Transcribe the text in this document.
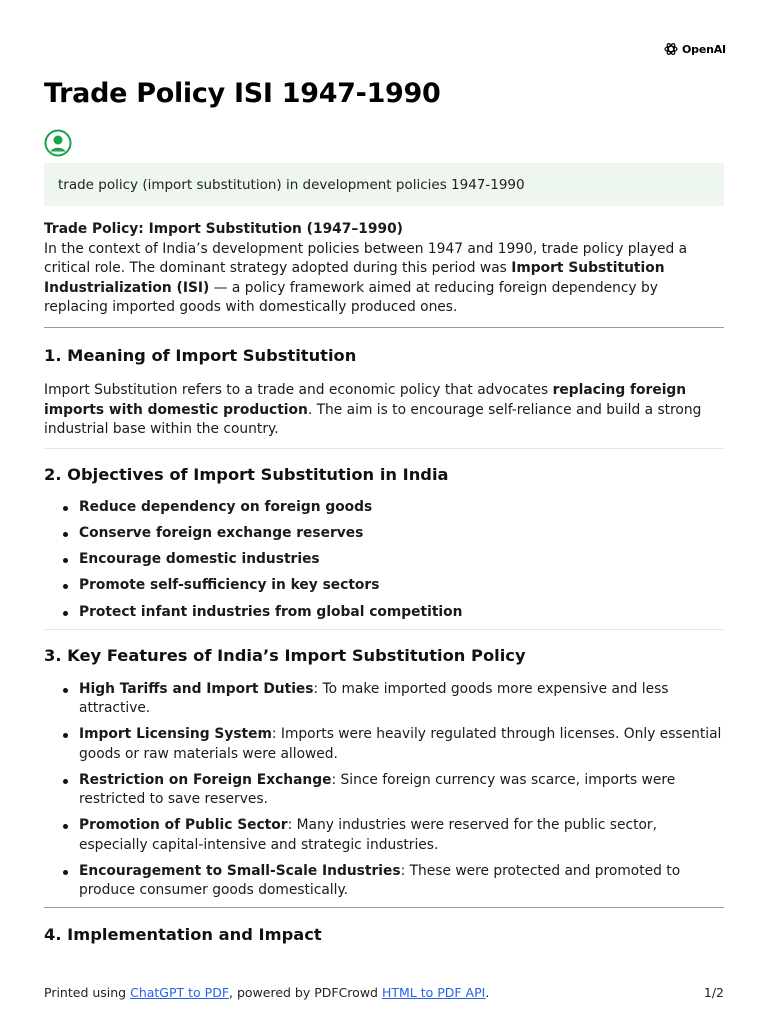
OpenAI
Trade Policy ISI 1947-1990
trade policy (import substitution) in development policies 1947-1990

Trade Policy: Import Substitution (1947–1990)

In the context of India’s development policies between 1947 and 1990, trade policy played a critical role. The dominant strategy adopted during this period was Import Substitution Industrialization (ISI) — a policy framework aimed at reducing foreign dependency by replacing imported goods with domestically produced ones.

1. Meaning of Import Substitution

Import Substitution refers to a trade and economic policy that advocates replacing foreign imports with domestic production. The aim is to encourage self-reliance and build a strong industrial base within the country.

2. Objectives of Import Substitution in India
Reduce dependency on foreign goods
Conserve foreign exchange reserves
Encourage domestic industries
Promote self-sufficiency in key sectors
Protect infant industries from global competition
3. Key Features of India’s Import Substitution Policy
High Tariffs and Import Duties: To make imported goods more expensive and less attractive.
Import Licensing System: Imports were heavily regulated through licenses. Only essential goods or raw materials were allowed.
Restriction on Foreign Exchange: Since foreign currency was scarce, imports were restricted to save reserves.
Promotion of Public Sector: Many industries were reserved for the public sector, especially capital-intensive and strategic industries.
Encouragement to Small-Scale Industries: These were protected and promoted to produce consumer goods domestically.
4. Implementation and Impact
Printed using ChatGPT to PDF, powered by PDFCrowd HTML to PDF API.	1/2
